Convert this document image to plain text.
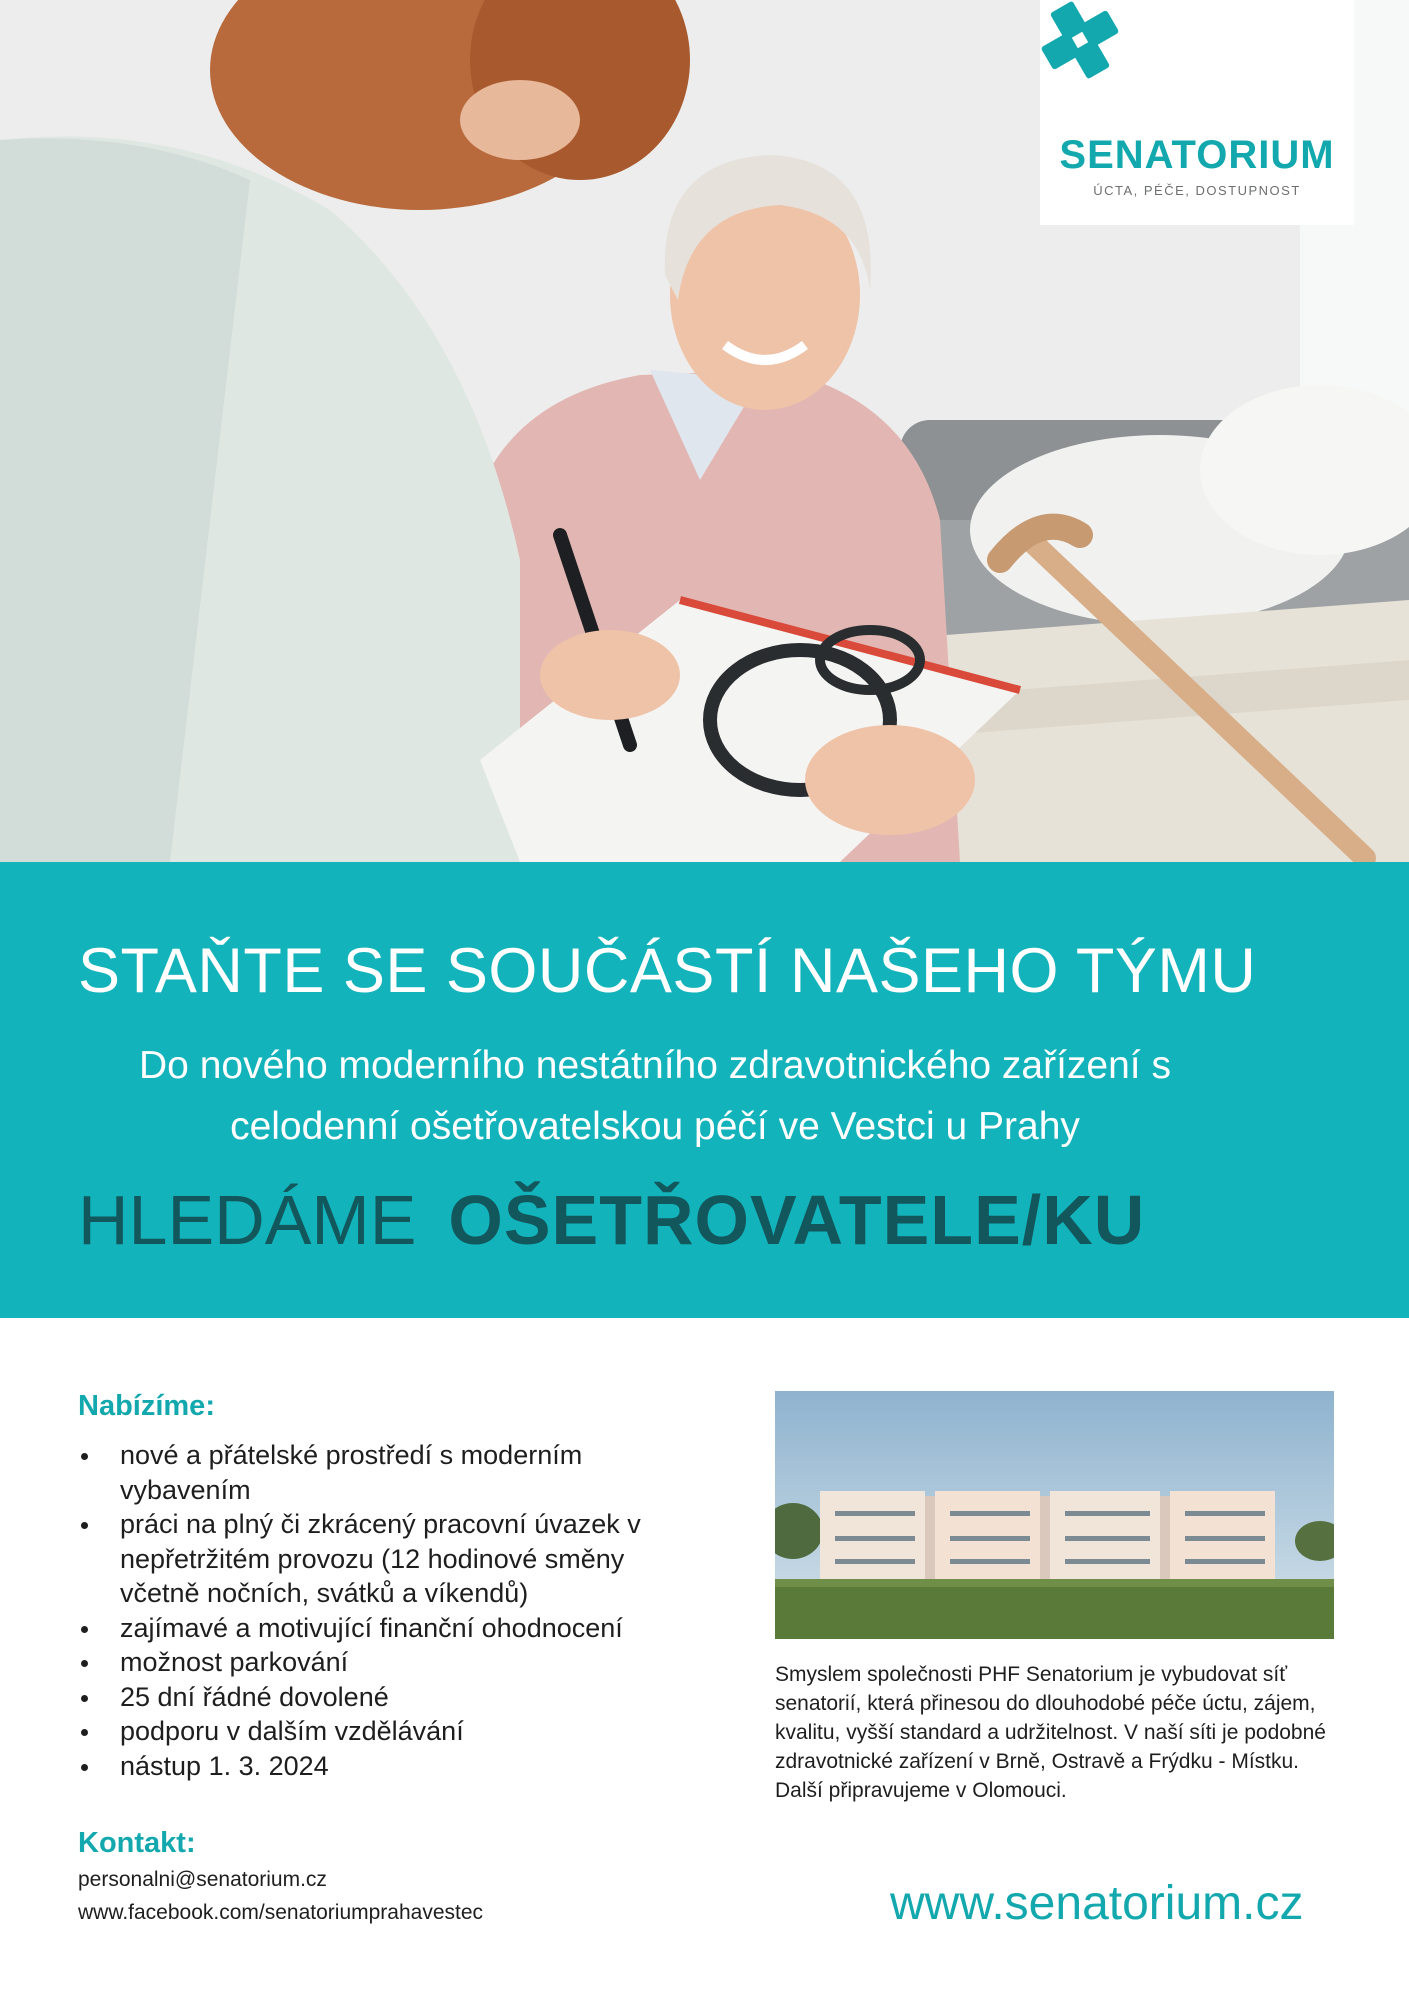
SENATORIUM
ÚCTA, PÉČE, DOSTUPNOST
STAŇTE SE SOUČÁSTÍ NAŠEHO TÝMU
Do nového moderního nestátního zdravotnického zařízení s
celodenní ošetřovatelskou péčí ve Vestci u Prahy
HLEDÁME OŠETŘOVATELE/KU
Nabízíme:
nové a přátelské prostředí s moderním vybavením
práci na plný či zkrácený pracovní úvazek v nepřetržitém provozu (12 hodinové směny včetně nočních, svátků a víkendů)
zajímavé a motivující finanční ohodnocení
možnost parkování
25 dní řádné dovolené
podporu v dalším vzdělávání
nástup 1. 3. 2024
Kontakt:
personalni@senatorium.cz
www.facebook.com/senatoriumprahavestec
Smyslem společnosti PHF Senatorium je vybudovat síť senatorií, která přinesou do dlouhodobé péče úctu, zájem, kvalitu, vyšší standard a udržitelnost. V naší síti je podobné zdravotnické zařízení v Brně, Ostravě a Frýdku - Místku. Další připravujeme v Olomouci.
www.senatorium.cz
